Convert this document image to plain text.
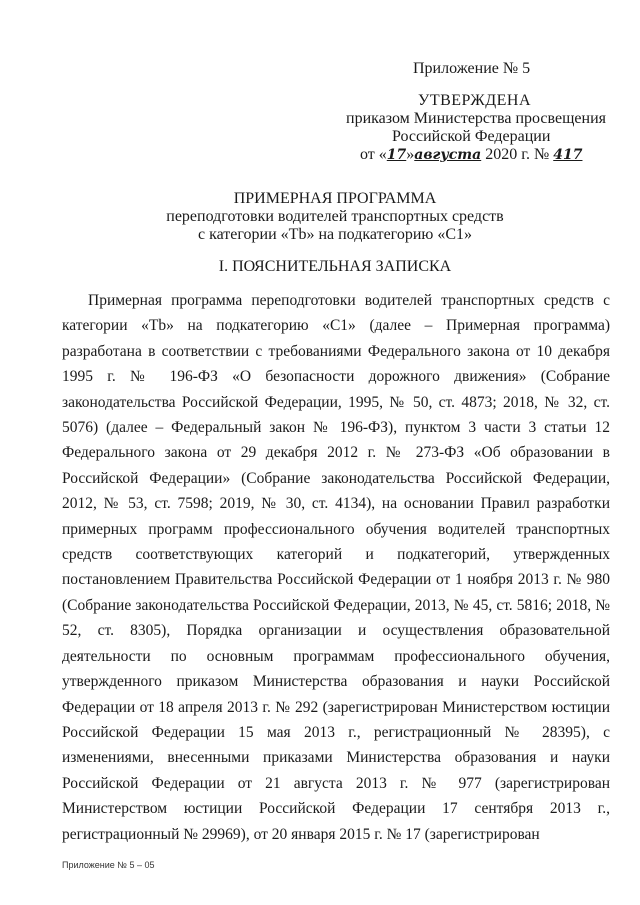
Приложение № 5
УТВЕРЖДЕНА
приказом Министерства просвещения
Российской Федерации
от «17»августа 2020 г. № 417
ПРИМЕРНАЯ ПРОГРАММА
переподготовки водителей транспортных средств
с категории «Tb» на подкатегорию «С1»
I. ПОЯСНИТЕЛЬНАЯ ЗАПИСКА

Примерная программа переподготовки водителей транспортных средств с категории «Tb» на подкатегорию «С1» (далее – Примерная программа) разработана в соответствии с требованиями Федерального закона от 10 декабря 1995 г. № 196-ФЗ «О безопасности дорожного движения» (Собрание законодательства Российской Федерации, 1995, № 50, ст. 4873; 2018, № 32, ст. 5076) (далее – Федеральный закон № 196-ФЗ), пунктом 3 части 3 статьи 12 Федерального закона от 29 декабря 2012 г. № 273-ФЗ «Об образовании в Российской Федерации» (Собрание законодательства Российской Федерации, 2012, № 53, ст. 7598; 2019, № 30, ст. 4134), на основании Правил разработки примерных программ профессионального обучения водителей транспортных средств соответствующих категорий и подкатегорий, утвержденных постановлением Правительства Российской Федерации от 1 ноября 2013 г. № 980 (Собрание законодательства Российской Федерации, 2013, № 45, ст. 5816; 2018, № 52, ст. 8305), Порядка организации и осуществления образовательной деятельности по основным программам профессионального обучения, утвержденного приказом Министерства образования и науки Российской Федерации от 18 апреля 2013 г. № 292 (зарегистрирован Министерством юстиции Российской Федерации 15 мая 2013 г., регистрационный № 28395), с изменениями, внесенными приказами Министерства образования и науки Российской Федерации от 21 августа 2013 г. № 977 (зарегистрирован Министерством юстиции Российской Федерации 17 сентября 2013 г., регистрационный № 29969), от 20 января 2015 г. № 17 (зарегистрирован

Приложение № 5 – 05
